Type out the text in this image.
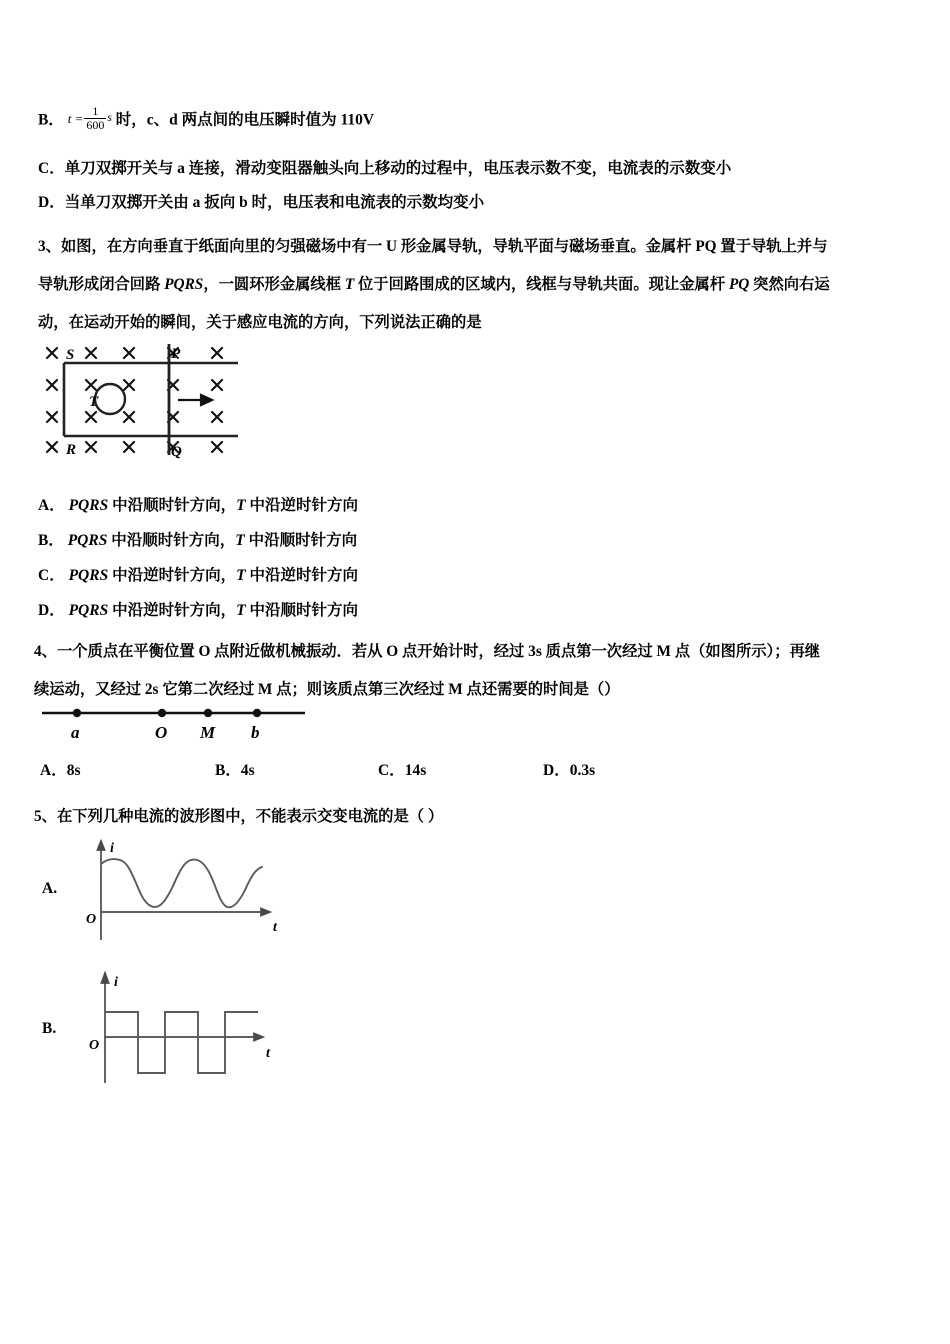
B． $t = \frac{1}{600}$ s 时，c、d 两点间的电压瞬时值为 110V
C．单刀双掷开关与 a 连接，滑动变阻器触头向上移动的过程中，电压表示数不变，电流表的示数变小
D．当单刀双掷开关由 a 扳向 b 时，电压表和电流表的示数均变小
3、如图，在方向垂直于纸面向里的匀强磁场中有一 U 形金属导轨，导轨平面与磁场垂直。金属杆 PQ 置于导轨上并与
导轨形成闭合回路 PQRS，一圆环形金属线框 T 位于回路围成的区域内，线框与导轨共面。现让金属杆 PQ 突然向右运
动，在运动开始的瞬间，关于感应电流的方向，下列说法正确的是
S	P
R	Q
T
A． PQRS 中沿顺时针方向，T 中沿逆时针方向
B． PQRS 中沿顺时针方向，T 中沿顺时针方向
C． PQRS 中沿逆时针方向，T 中沿逆时针方向
D． PQRS 中沿逆时针方向，T 中沿顺时针方向
4、一个质点在平衡位置 O 点附近做机械振动．若从 O 点开始计时，经过 3s 质点第一次经过 M 点（如图所示）；再继
续运动，又经过 2s 它第二次经过 M 点；则该质点第三次经过 M 点还需要的时间是（）
a	O M b
A．8s	B．4s	C．14s	D．0.3s
5、在下列几种电流的波形图中，不能表示交变电流的是（ ）
A.
i
t
O
B.
i
t
O
